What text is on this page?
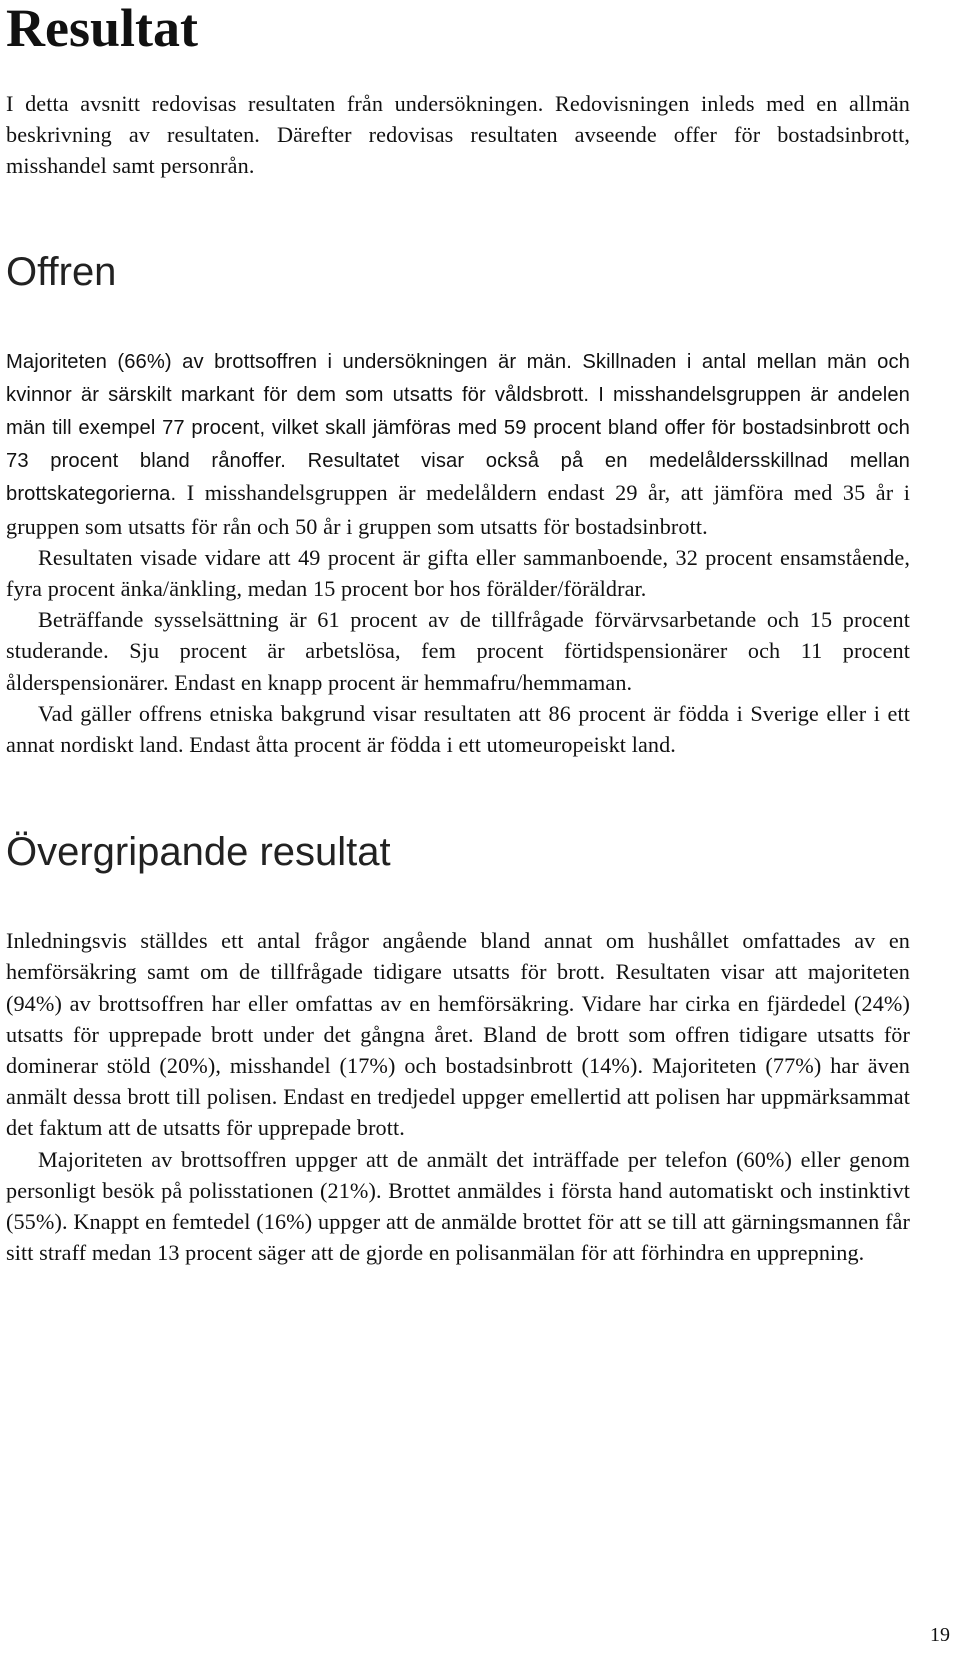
Resultat

I detta avsnitt redovisas resultaten från undersökningen. Redovisningen inleds med en allmän beskrivning av resultaten. Därefter redovisas resultaten avseende offer för bostadsinbrott, misshandel samt personrån.

Offren

Majoriteten (66%) av brottsoffren i undersökningen är män. Skillnaden i antal mellan män och kvinnor är särskilt markant för dem som utsatts för våldsbrott. I misshandelsgruppen är andelen män till exempel 77 procent, vilket skall jämföras med 59 procent bland offer för bostadsinbrott och 73 procent bland rånoffer. Resultatet visar också på en medelåldersskillnad mellan brottskategorierna. I misshandelsgruppen är medelåldern endast 29 år, att jämföra med 35 år i gruppen som utsatts för rån och 50 år i gruppen som utsatts för bostadsinbrott.

Resultaten visade vidare att 49 procent är gifta eller sammanboende, 32 procent ensamstående, fyra procent änka/änkling, medan 15 procent bor hos förälder/föräldrar.

Beträffande sysselsättning är 61 procent av de tillfrågade förvärvsarbetande och 15 procent studerande. Sju procent är arbetslösa, fem procent förtidspensionärer och 11 procent ålderspensionärer. Endast en knapp procent är hemmafru/hemmaman.

Vad gäller offrens etniska bakgrund visar resultaten att 86 procent är födda i Sverige eller i ett annat nordiskt land. Endast åtta procent är födda i ett utomeuropeiskt land.

Övergripande resultat

Inledningsvis ställdes ett antal frågor angående bland annat om hushållet omfattades av en hemförsäkring samt om de tillfrågade tidigare utsatts för brott. Resultaten visar att majoriteten (94%) av brottsoffren har eller omfattas av en hemförsäkring. Vidare har cirka en fjärdedel (24%) utsatts för upprepade brott under det gångna året. Bland de brott som offren tidigare utsatts för dominerar stöld (20%), misshandel (17%) och bostadsinbrott (14%). Majoriteten (77%) har även anmält dessa brott till polisen. Endast en tredjedel uppger emellertid att polisen har uppmärksammat det faktum att de utsatts för upprepade brott.

Majoriteten av brottsoffren uppger att de anmält det inträffade per telefon (60%) eller genom personligt besök på polisstationen (21%). Brottet anmäldes i första hand automatiskt och instinktivt (55%). Knappt en femtedel (16%) uppger att de anmälde brottet för att se till att gärningsmannen får sitt straff medan 13 procent säger att de gjorde en polisanmälan för att förhindra en upprepning.

19
